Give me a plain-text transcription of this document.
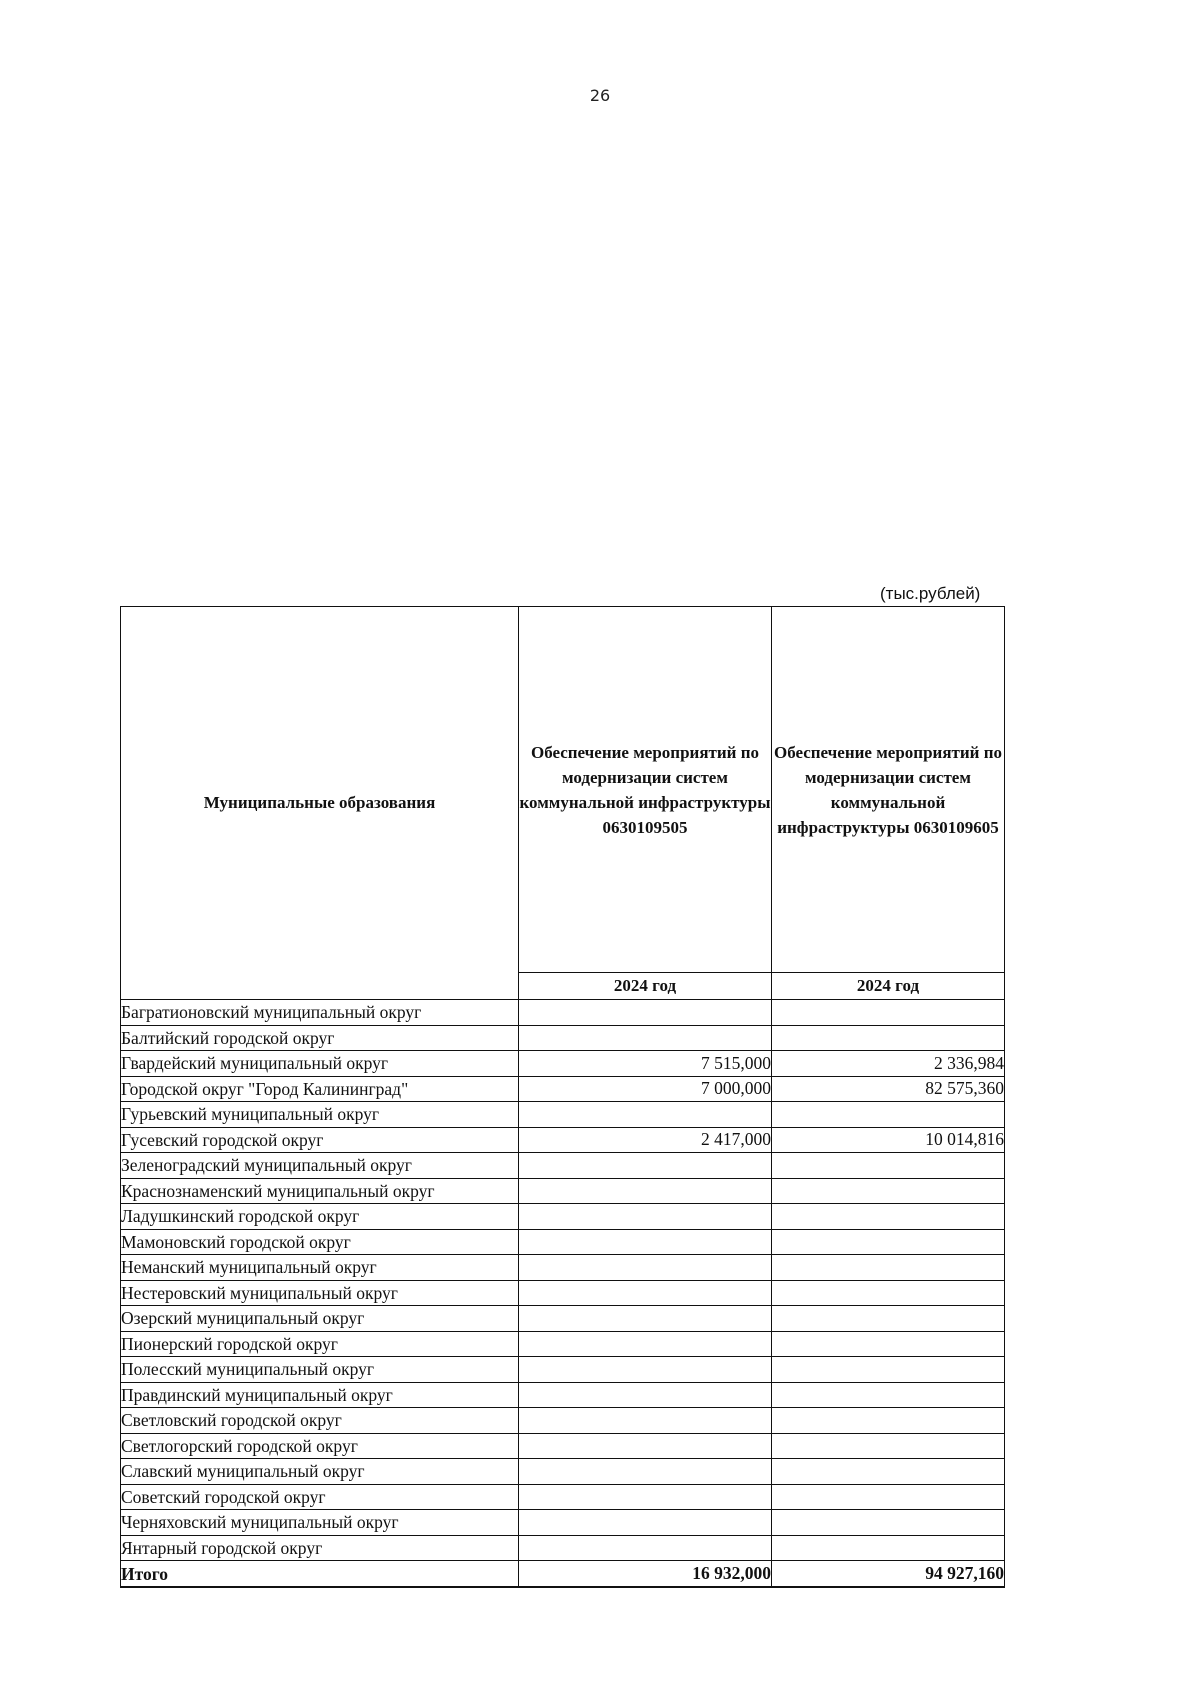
26
(тыс.рублей)
Муниципальные образования	Обеспечение мероприятий по модернизации систем коммунальной инфраструктуры 0630109505	Обеспечение мероприятий по модернизации систем коммунальной инфраструктуры 0630109605
	2024 год	2024 год
Багратионовский муниципальный округ		
Балтийский городской округ		
Гвардейский муниципальный округ	7 515,000	2 336,984
Городской округ "Город Калининград"	7 000,000	82 575,360
Гурьевский муниципальный округ		
Гусевский городской округ	2 417,000	10 014,816
Зеленоградский муниципальный округ		
Краснознаменский муниципальный округ		
Ладушкинский городской округ		
Мамоновский городской округ		
Неманский муниципальный округ		
Нестеровский муниципальный округ		
Озерский муниципальный округ		
Пионерский городской округ		
Полесский муниципальный округ		
Правдинский муниципальный округ		
Светловский городской округ		
Светлогорский городской округ		
Славский муниципальный округ		
Советский городской округ		
Черняховский муниципальный округ		
Янтарный городской округ		
Итого	16 932,000	94 927,160
